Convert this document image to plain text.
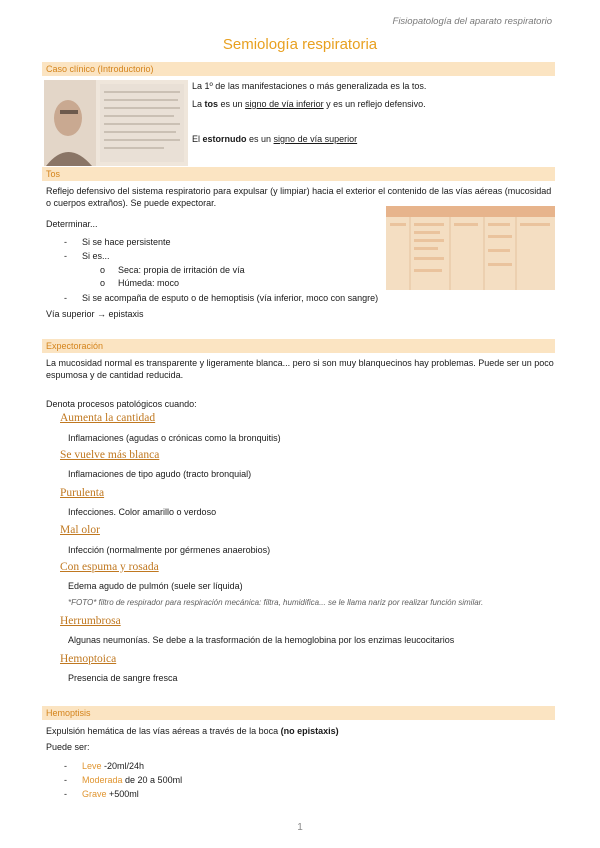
Fisiopatología del aparato respiratorio
Semiología respiratoria
Caso clínico (Introductorio)
La 1º de las manifestaciones o más generalizada es la tos.
La tos es un signo de vía inferior y es un reflejo defensivo.
El estornudo es un signo de vía superior
Tos
Reflejo defensivo del sistema respiratorio para expulsar (y limpiar) hacia el exterior el contenido de las vías aéreas (mucosidad o cuerpos extraños). Se puede expectorar.
Determinar...
- Si se hace persistente
- Si es...
o Seca: propia de irritación de vía
o Húmeda: moco
- Si se acompaña de esputo o de hemoptisis (vía inferior, moco con sangre)
Vía superior → epistaxis
Expectoración
La mucosidad normal es transparente y ligeramente blanca... pero si son muy blanquecinos hay problemas. Puede ser un poco espumosa y de cantidad reducida.
Denota procesos patológicos cuando:
Aumenta la cantidad
Inflamaciones (agudas o crónicas como la bronquitis)
Se vuelve más blanca
Inflamaciones de tipo agudo (tracto bronquial)
Purulenta
Infecciones. Color amarillo o verdoso
Mal olor
Infección (normalmente por gérmenes anaerobios)
Con espuma y rosada
Edema agudo de pulmón (suele ser líquida)
*FOTO* filtro de respirador para respiración mecánica: filtra, humidifica... se le llama nariz por realizar función similar.
Herrumbrosa
Algunas neumonías. Se debe a la trasformación de la hemoglobina por los enzimas leucocitarios
Hemoptoica
Presencia de sangre fresca
Hemoptisis
Expulsión hemática de las vías aéreas a través de la boca (no epistaxis)
Puede ser:
- Leve -20ml/24h
- Moderada de 20 a 500ml
- Grave +500ml
1
